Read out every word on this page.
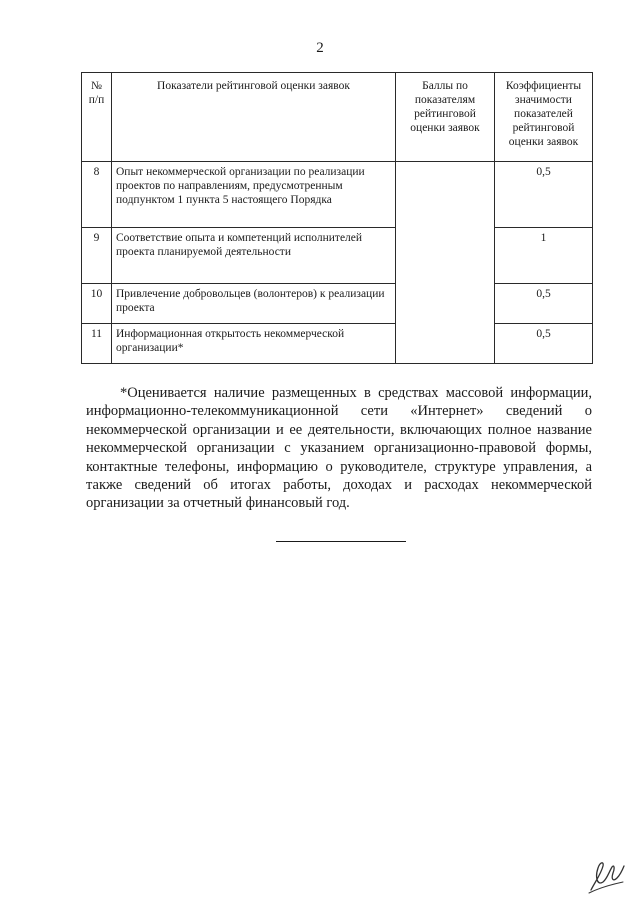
2
№ п/п	Показатели рейтинговой оценки заявок	Баллы по показателям рейтинговой оценки заявок	Коэффициенты значимости показателей рейтинговой оценки заявок
8	Опыт некоммерческой организации по реализации проектов по направлениям, предусмотренным подпунктом 1 пункта 5 настоящего Порядка		0,5
9	Соответствие опыта и компетенций исполнителей проекта планируемой деятельности		1
10	Привлечение добровольцев (волонтеров) к реализации проекта		0,5
11	Информационная открытость некоммерческой организации*		0,5

*Оценивается наличие размещенных в средствах массовой информации, информационно-телекоммуникационной сети «Интернет» сведений о некоммерческой организации и ее деятельности, включающих полное название некоммерческой организации с указанием организационно-правовой формы, контактные телефоны, информацию о руководителе, структуре управления, а также сведений об итогах работы, доходах и расходах некоммерческой организации за отчетный финансовый год.
